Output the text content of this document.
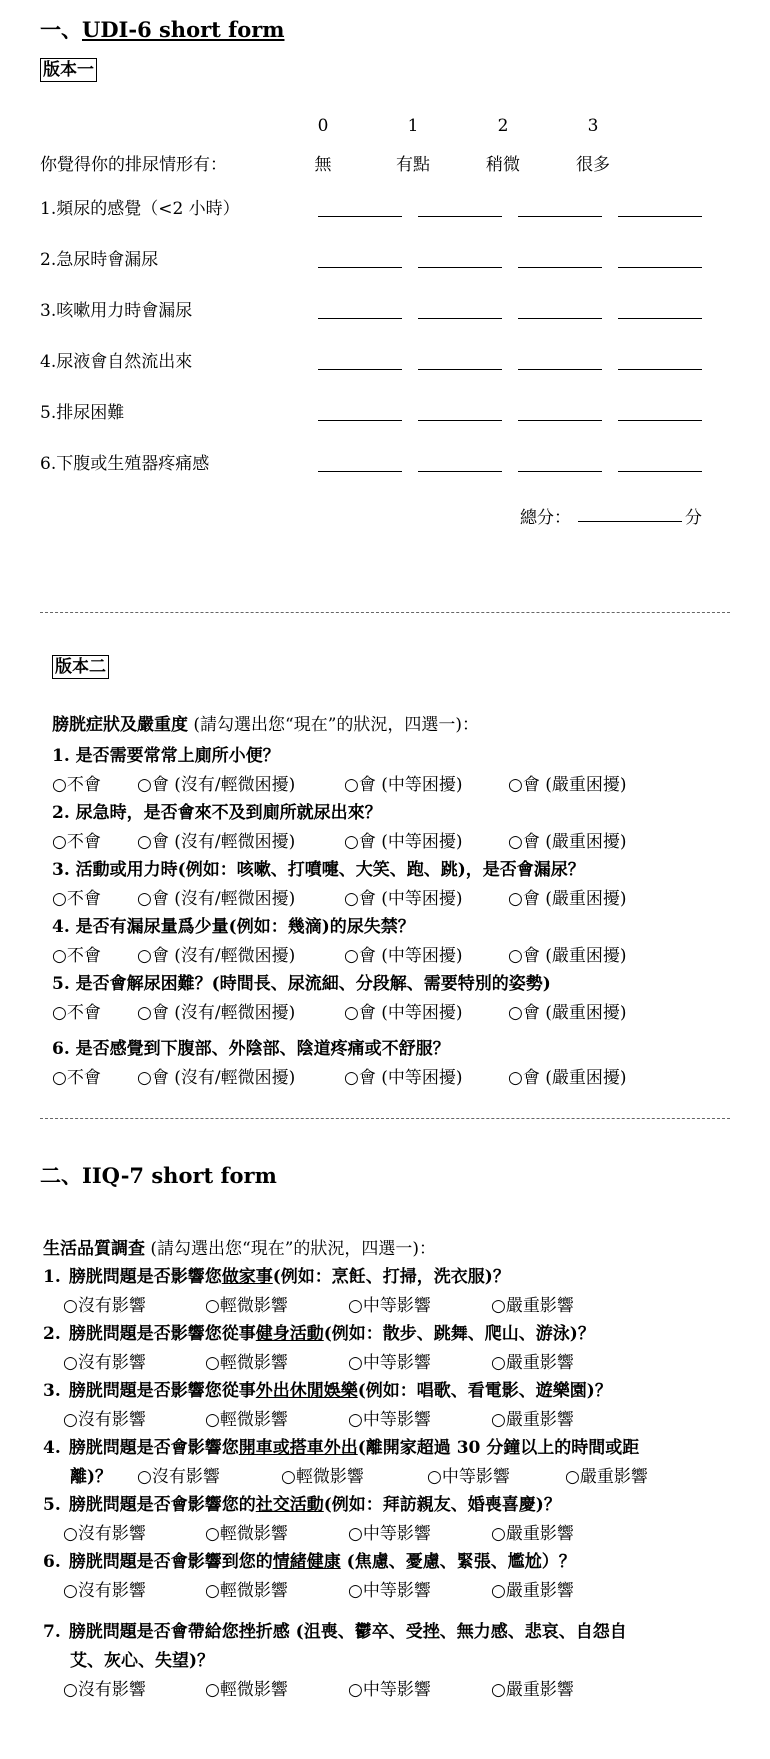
一、UDI-6 short form
版本一
0	1	2	3
你覺得你的排尿情形有：	無	有點	稍微	很多
1.頻尿的感覺（<2 小時）
2.急尿時會漏尿
3.咳嗽用力時會漏尿
4.尿液會自然流出來
5.排尿困難
6.下腹或生殖器疼痛感
總分：	分
版本二
膀胱症狀及嚴重度 (請勾選出您“現在”的狀況，四選一)：
1. 是否需要常常上廁所小便？
○不會 ○會 (沒有/輕微困擾)	○會 (中等困擾)	○會 (嚴重困擾)
2. 尿急時，是否會來不及到廁所就尿出來？
○不會 ○會 (沒有/輕微困擾)	○會 (中等困擾)	○會 (嚴重困擾)
3. 活動或用力時(例如：咳嗽、打噴嚏、大笑、跑、跳)，是否會漏尿？
○不會 ○會 (沒有/輕微困擾)	○會 (中等困擾)	○會 (嚴重困擾)
4. 是否有漏尿量爲少量(例如：幾滴)的尿失禁？
○不會 ○會 (沒有/輕微困擾)	○會 (中等困擾)	○會 (嚴重困擾)
5. 是否會解尿困難？(時間長、尿流細、分段解、需要特別的姿勢)
○不會 ○會 (沒有/輕微困擾)	○會 (中等困擾)	○會 (嚴重困擾)
6. 是否感覺到下腹部、外陰部、陰道疼痛或不舒服？
○不會 ○會 (沒有/輕微困擾)	○會 (中等困擾)	○會 (嚴重困擾)
二、IIQ-7 short form
生活品質調查 (請勾選出您“現在”的狀況，四選一)：
1. 膀胱問題是否影響您做家事(例如：烹飪、打掃，洗衣服)？
○沒有影響	○輕微影響	○中等影響	○嚴重影響
2. 膀胱問題是否影響您從事健身活動(例如：散步、跳舞、爬山、游泳)？
○沒有影響	○輕微影響	○中等影響	○嚴重影響
3. 膀胱問題是否影響您從事外出休閒娛樂(例如：唱歌、看電影、遊樂園)？
○沒有影響	○輕微影響	○中等影響	○嚴重影響
4. 膀胱問題是否會影響您開車或搭車外出(離開家超過 30 分鐘以上的時間或距
離)？ ○沒有影響	○輕微影響	○中等影響	○嚴重影響
5. 膀胱問題是否會影響您的社交活動(例如：拜訪親友、婚喪喜慶)？
○沒有影響	○輕微影響	○中等影響	○嚴重影響
6. 膀胱問題是否會影響到您的情緒健康 (焦慮、憂慮、緊張、尷尬）？
○沒有影響	○輕微影響	○中等影響	○嚴重影響
7. 膀胱問題是否會帶給您挫折感 (沮喪、鬱卒、受挫、無力感、悲哀、自怨自
艾、灰心、失望)？
○沒有影響	○輕微影響	○中等影響	○嚴重影響
